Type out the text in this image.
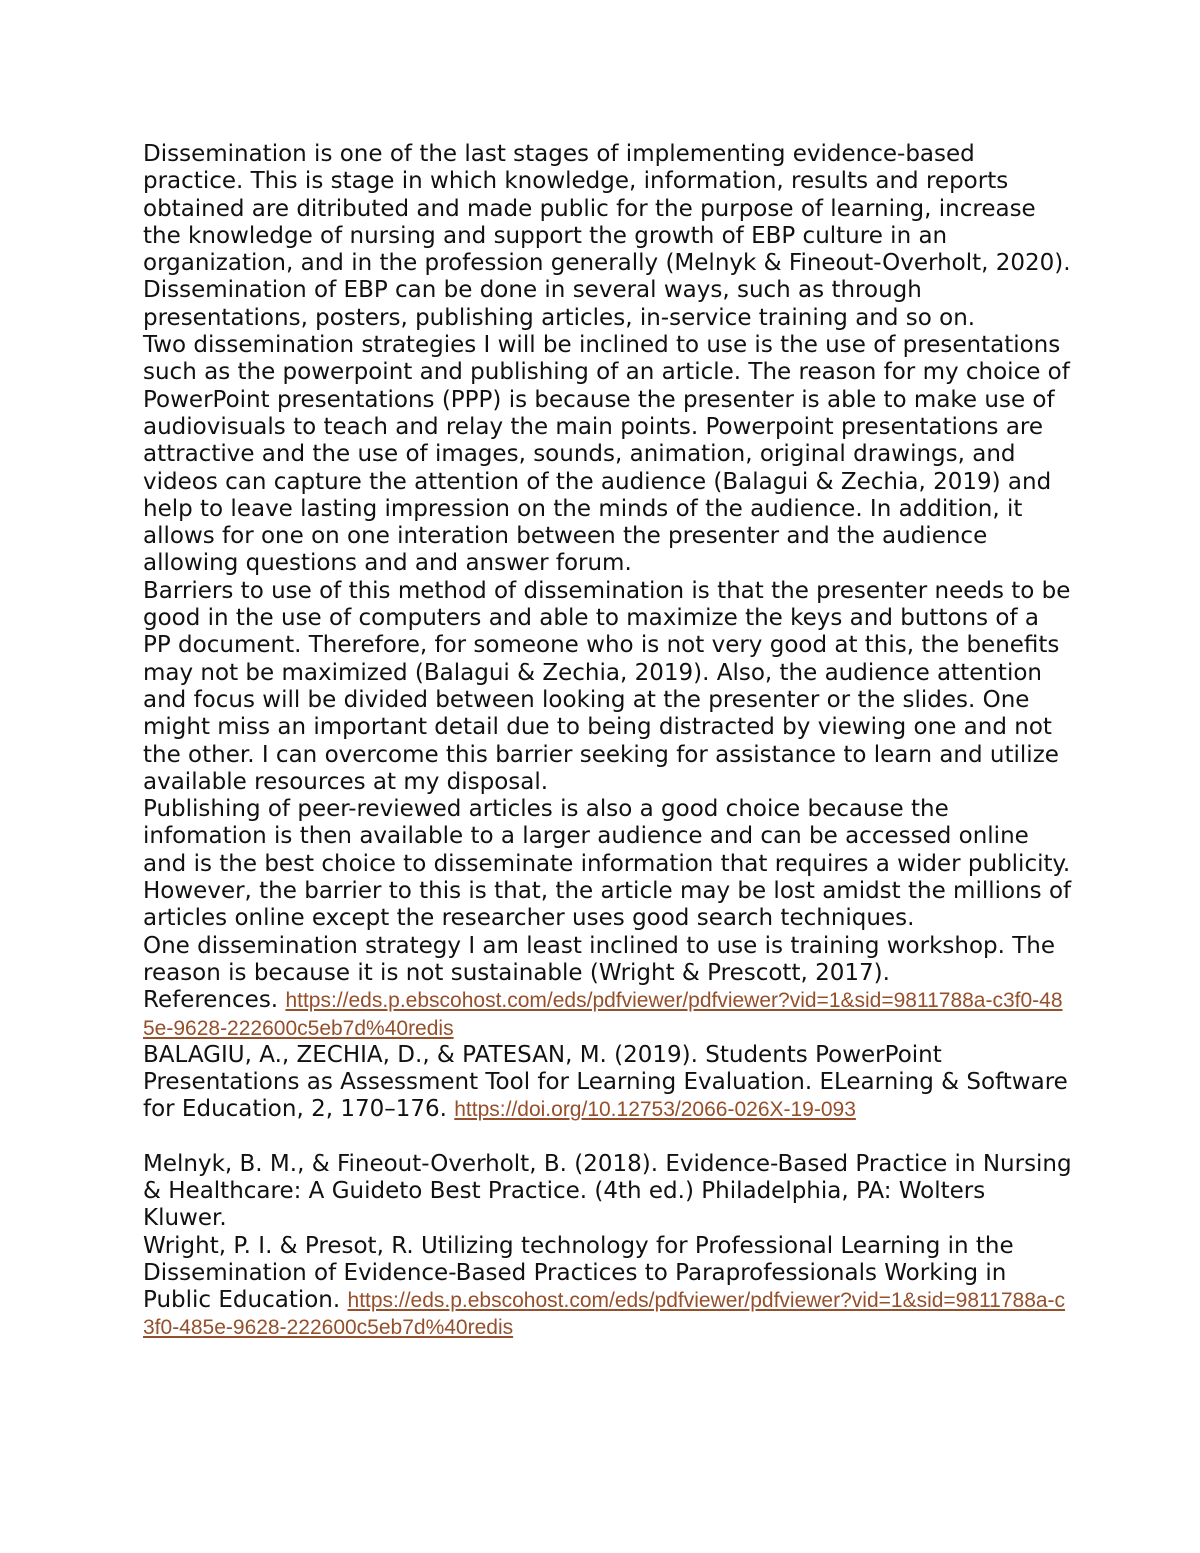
Dissemination is one of the last stages of implementing evidence-based practice. This is stage in which knowledge, information, results and reports obtained are ditributed and made public for the purpose of learning, increase the knowledge of nursing and support the growth of EBP culture in an organization, and in the profession generally (Melnyk & Fineout-Overholt, 2020). Dissemination of EBP can be done in several ways, such as through presentations, posters, publishing articles, in-service training and so on.

Two dissemination strategies I will be inclined to use is the use of presentations such as the powerpoint and publishing of an article. The reason for my choice of PowerPoint presentations (PPP) is because the presenter is able to make use of audiovisuals to teach and relay the main points. Powerpoint presentations are attractive and the use of images, sounds, animation, original drawings, and videos can capture the attention of the audience (Balagui & Zechia, 2019) and help to leave lasting impression on the minds of the audience. In addition, it allows for one on one interation between the presenter and the audience allowing questions and and answer forum.

Barriers to use of this method of dissemination is that the presenter needs to be good in the use of computers and able to maximize the keys and buttons of a PP document. Therefore, for someone who is not very good at this, the benefits may not be maximized (Balagui & Zechia, 2019). Also, the audience attention and focus will be divided between looking at the presenter or the slides. One might miss an important detail due to being distracted by viewing one and not the other. I can overcome this barrier seeking for assistance to learn and utilize available resources at my disposal.

Publishing of peer-reviewed articles is also a good choice because the infomation is then available to a larger audience and can be accessed online and is the best choice to disseminate information that requires a wider publicity. However, the barrier to this is that, the article may be lost amidst the millions of articles online except the researcher uses good search techniques.

One dissemination strategy I am least inclined to use is training workshop. The reason is because it is not sustainable (Wright & Prescott, 2017).

References. https://eds.p.ebscohost.com/eds/pdfviewer/pdfviewer?vid=1&sid=9811788a-c3f0-485e-9628-222600c5eb7d%40redis

BALAGIU, A., ZECHIA, D., & PATESAN, M. (2019). Students PowerPoint Presentations as Assessment Tool for Learning Evaluation. ELearning & Software for Education, 2, 170–176. https://doi.org/10.12753/2066-026X-19-093

Melnyk, B. M., & Fineout-Overholt, B. (2018). Evidence-Based Practice in Nursing & Healthcare: A Guideto Best Practice. (4th ed.) Philadelphia, PA: Wolters Kluwer.

Wright, P. I. & Presot, R. Utilizing technology for Professional Learning in the Dissemination of Evidence-Based Practices to Paraprofessionals Working in Public Education. https://eds.p.ebscohost.com/eds/pdfviewer/pdfviewer?vid=1&sid=9811788a-c3f0-485e-9628-222600c5eb7d%40redis
